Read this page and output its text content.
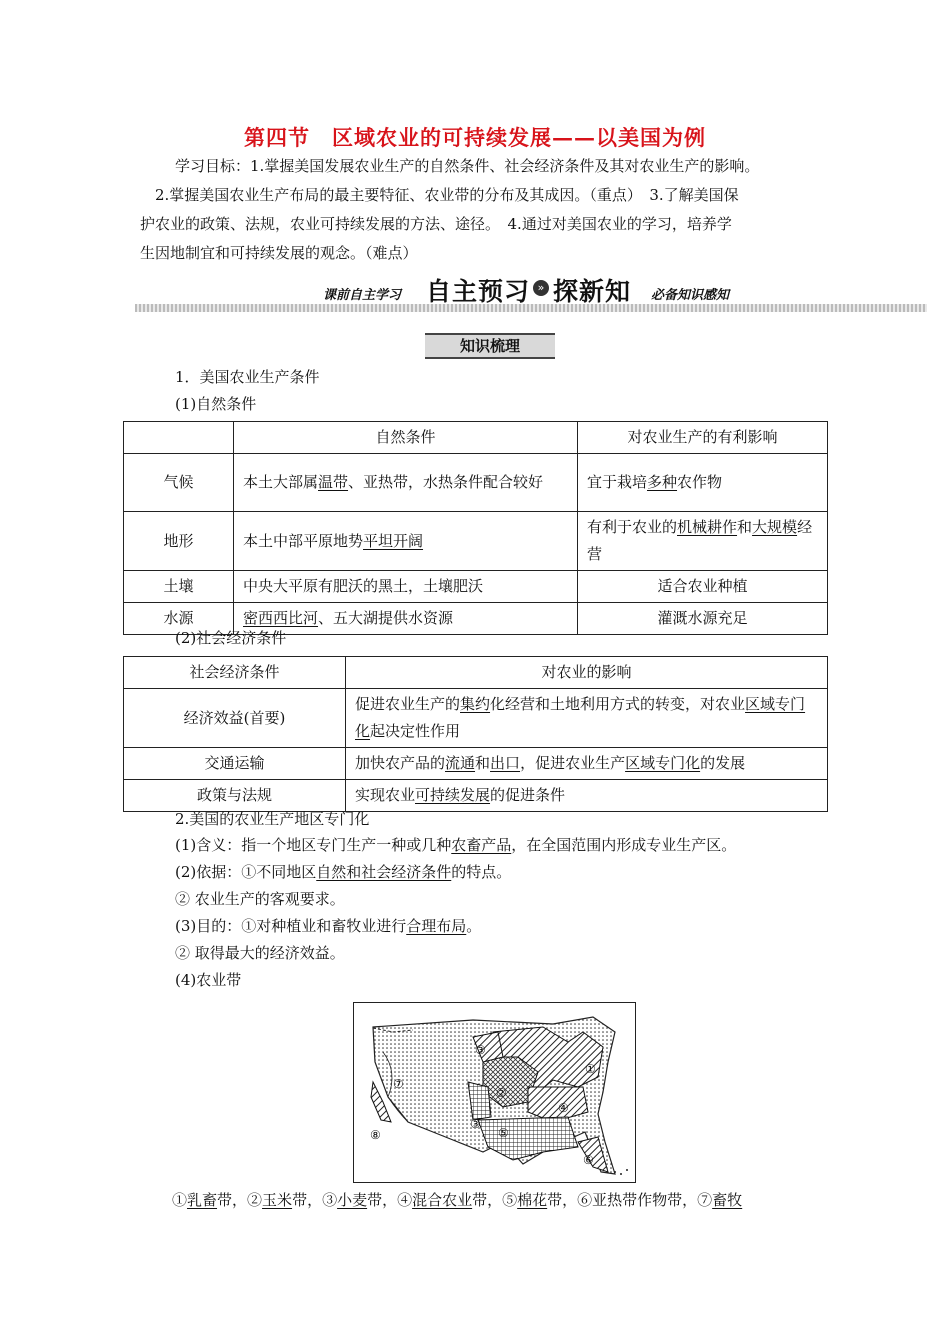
第四节　区域农业的可持续发展——以美国为例
学习目标：1.掌握美国发展农业生产的自然条件、社会经济条件及其对农业生产的影响。
2.掌握美国农业生产布局的最主要特征、农业带的分布及其成因。（重点）　3.了解美国保
护农业的政策、法规，农业可持续发展的方法、途径。　4.通过对美国农业的学习，培养学
生因地制宜和可持续发展的观念。（难点）
课前自主学习 自主预习 » 探新知 必备知识感知
知识梳理
1．美国农业生产条件
(1)自然条件
	自然条件	对农业生产的有利影响
气候	本土大部属温带、亚热带，水热条件配合较好	宜于栽培多种农作物
地形	本土中部平原地势平坦开阔	有利于农业的机械耕作和大规模经营
土壤	中央大平原有肥沃的黑土，土壤肥沃	适合农业种植
水源	密西西比河、五大湖提供水资源	灌溉水源充足
(2)社会经济条件
社会经济条件	对农业的影响
经济效益(首要)	促进农业生产的集约化经营和土地利用方式的转变，对农业区域专门化起决定性作用
交通运输	加快农产品的流通和出口，促进农业生产区域专门化的发展
政策与法规	实现农业可持续发展的促进条件
2.美国的农业生产地区专门化
(1)含义：指一个地区专门生产一种或几种农畜产品，在全国范围内形成专业生产区。
(2)依据：①不同地区自然和社会经济条件的特点。
② 农业生产的客观要求。
(3)目的：①对种植业和畜牧业进行合理布局。
② 取得最大的经济效益。
(4)农业带
①
②
③
③
④
⑤
⑥
⑦
⑧
①乳畜带，②玉米带，③小麦带，④混合农业带，⑤棉花带，⑥亚热带作物带，⑦畜牧
